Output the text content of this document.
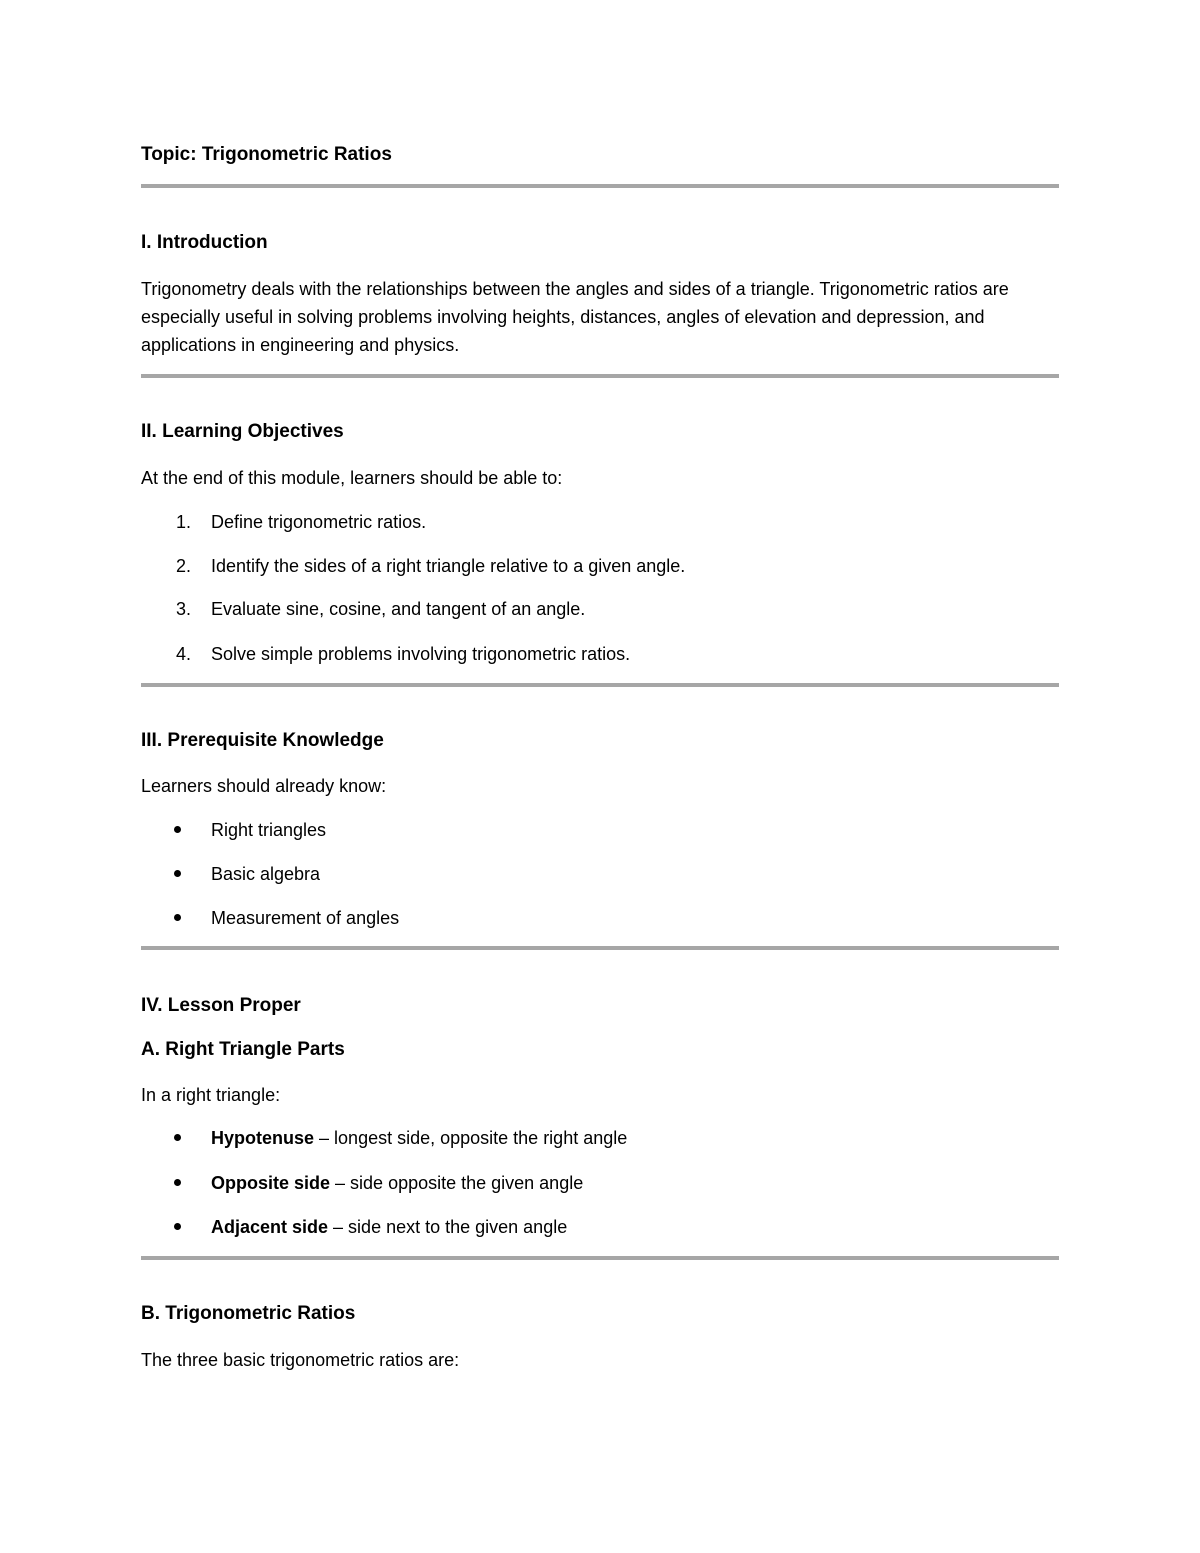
Topic: Trigonometric Ratios

I. Introduction

Trigonometry deals with the relationships between the angles and sides of a triangle. Trigonometric ratios are especially useful in solving problems involving heights, distances, angles of elevation and depression, and applications in engineering and physics.

II. Learning Objectives

At the end of this module, learners should be able to:

1. Define trigonometric ratios.
2. Identify the sides of a right triangle relative to a given angle.
3. Evaluate sine, cosine, and tangent of an angle.
4. Solve simple problems involving trigonometric ratios.

III. Prerequisite Knowledge

Learners should already know:

Right triangles
Basic algebra
Measurement of angles

IV. Lesson Proper

A. Right Triangle Parts

In a right triangle:

Hypotenuse – longest side, opposite the right angle
Opposite side – side opposite the given angle
Adjacent side – side next to the given angle

B. Trigonometric Ratios

The three basic trigonometric ratios are:
